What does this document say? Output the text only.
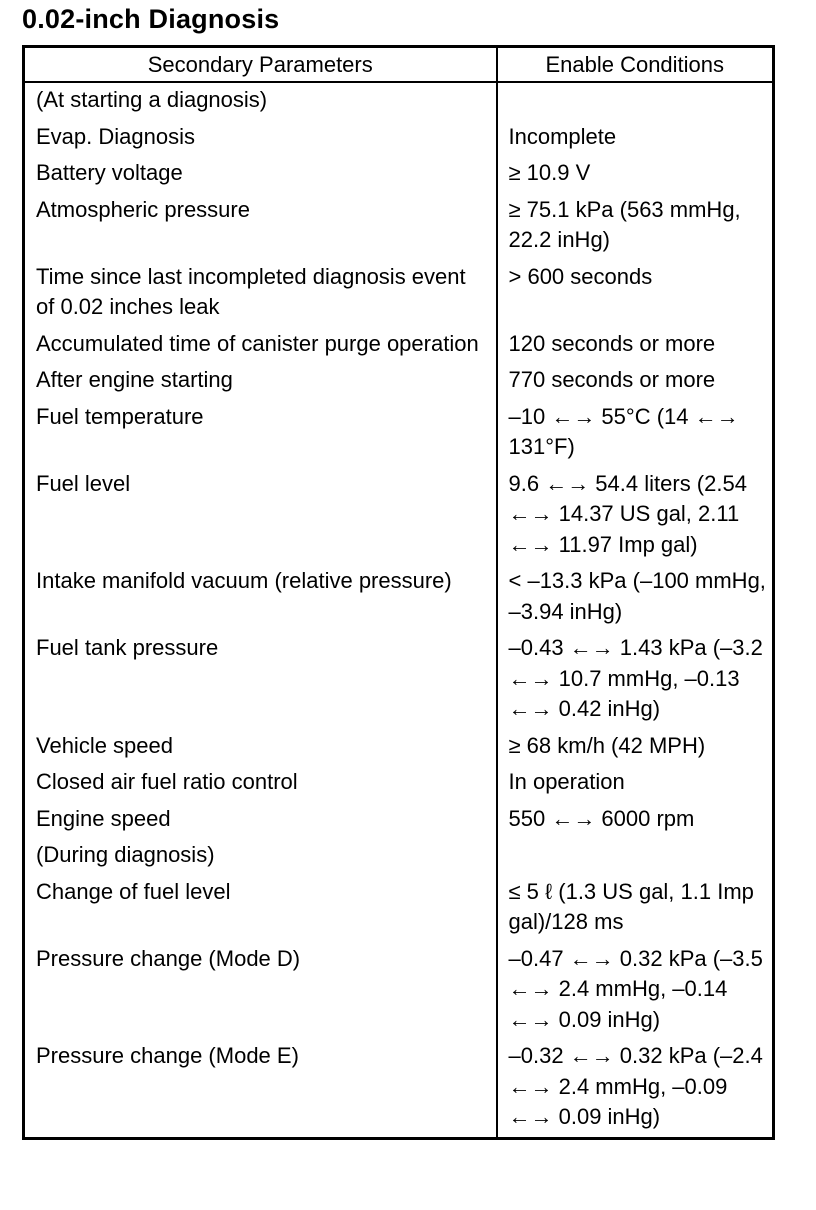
0.02-inch Diagnosis
Secondary Parameters	Enable Conditions
(At starting a diagnosis)	
Evap. Diagnosis	Incomplete
Battery voltage	≥ 10.9 V
Atmospheric pressure	≥ 75.1 kPa (563 mmHg, 22.2 inHg)
Time since last incompleted diagnosis event of 0.02 inches leak	> 600 seconds
Accumulated time of canister purge operation	120 seconds or more
After engine starting	770 seconds or more
Fuel temperature	–10 ←→ 55°C (14 ←→ 131°F)
Fuel level	9.6 ←→ 54.4 liters (2.54 ←→ 14.37 US gal, 2.11 ←→ 11.97 Imp gal)
Intake manifold vacuum (relative pressure)	< –13.3 kPa (–100 mmHg, –3.94 inHg)
Fuel tank pressure	–0.43 ←→ 1.43 kPa (–3.2 ←→ 10.7 mmHg, –0.13 ←→ 0.42 inHg)
Vehicle speed	≥ 68 km/h (42 MPH)
Closed air fuel ratio control	In operation
Engine speed	550 ←→ 6000 rpm
(During diagnosis)	
Change of fuel level	≤ 5 ℓ (1.3 US gal, 1.1 Imp gal)/128 ms
Pressure change (Mode D)	–0.47 ←→ 0.32 kPa (–3.5 ←→ 2.4 mmHg, –0.14 ←→ 0.09 inHg)
Pressure change (Mode E)	–0.32 ←→ 0.32 kPa (–2.4 ←→ 2.4 mmHg, –0.09 ←→ 0.09 inHg)
